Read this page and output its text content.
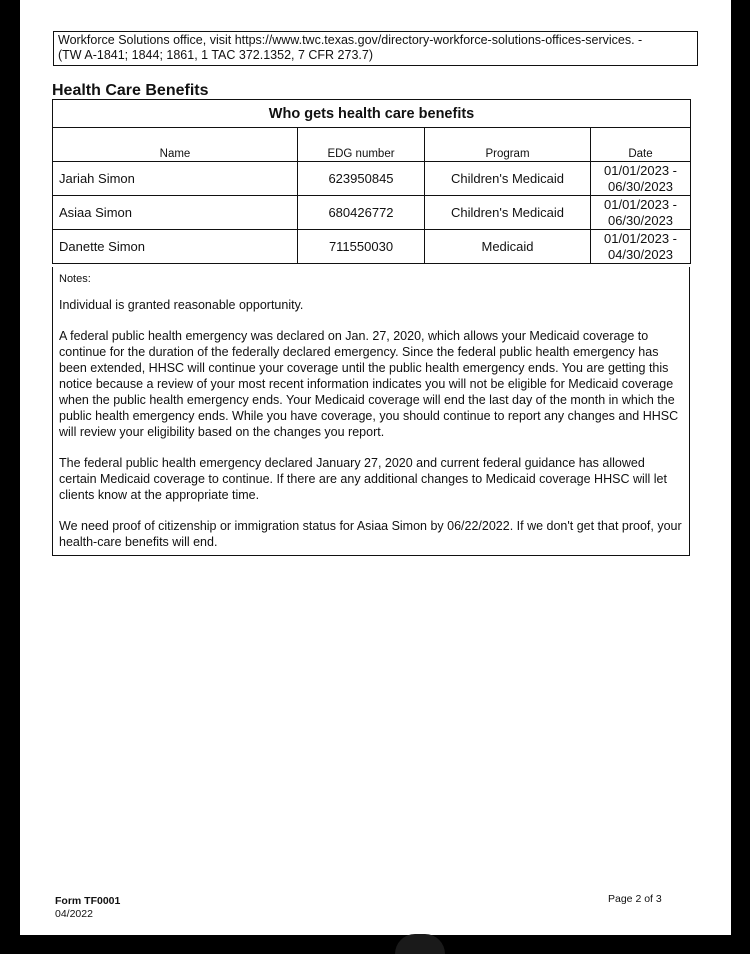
Workforce Solutions office, visit https://www.twc.texas.gov/directory-workforce-solutions-offices-services. -
(TW A-1841; 1844; 1861, 1 TAC 372.1352, 7 CFR 273.7)
Health Care Benefits
Who gets health care benefits			
Name	EDG number	Program	Date
Jariah Simon	623950845	Children's Medicaid	01/01/2023 -
06/30/2023

Asiaa Simon	680426772	Children's Medicaid	01/01/2023 -
06/30/2023

Danette Simon	711550030	Medicaid	01/01/2023 -
04/30/2023
Notes:

Individual is granted reasonable opportunity.

A federal public health emergency was declared on Jan. 27, 2020, which allows your Medicaid coverage to continue for the duration of the federally declared emergency. Since the federal public health emergency has been extended, HHSC will continue your coverage until the public health emergency ends. You are getting this notice because a review of your most recent information indicates you will not be eligible for Medicaid coverage when the public health emergency ends. Your Medicaid coverage will end the last day of the month in which the public health emergency ends. While you have coverage, you should continue to report any changes and HHSC will review your eligibility based on the changes you report.

The federal public health emergency declared January 27, 2020 and current federal guidance has allowed certain Medicaid coverage to continue. If there are any additional changes to Medicaid coverage HHSC will let clients know at the appropriate time.

We need proof of citizenship or immigration status for Asiaa Simon by 06/22/2022. If we don't get that proof, your health-care benefits will end.

Form TF0001
04/2022
Page 2 of 3
